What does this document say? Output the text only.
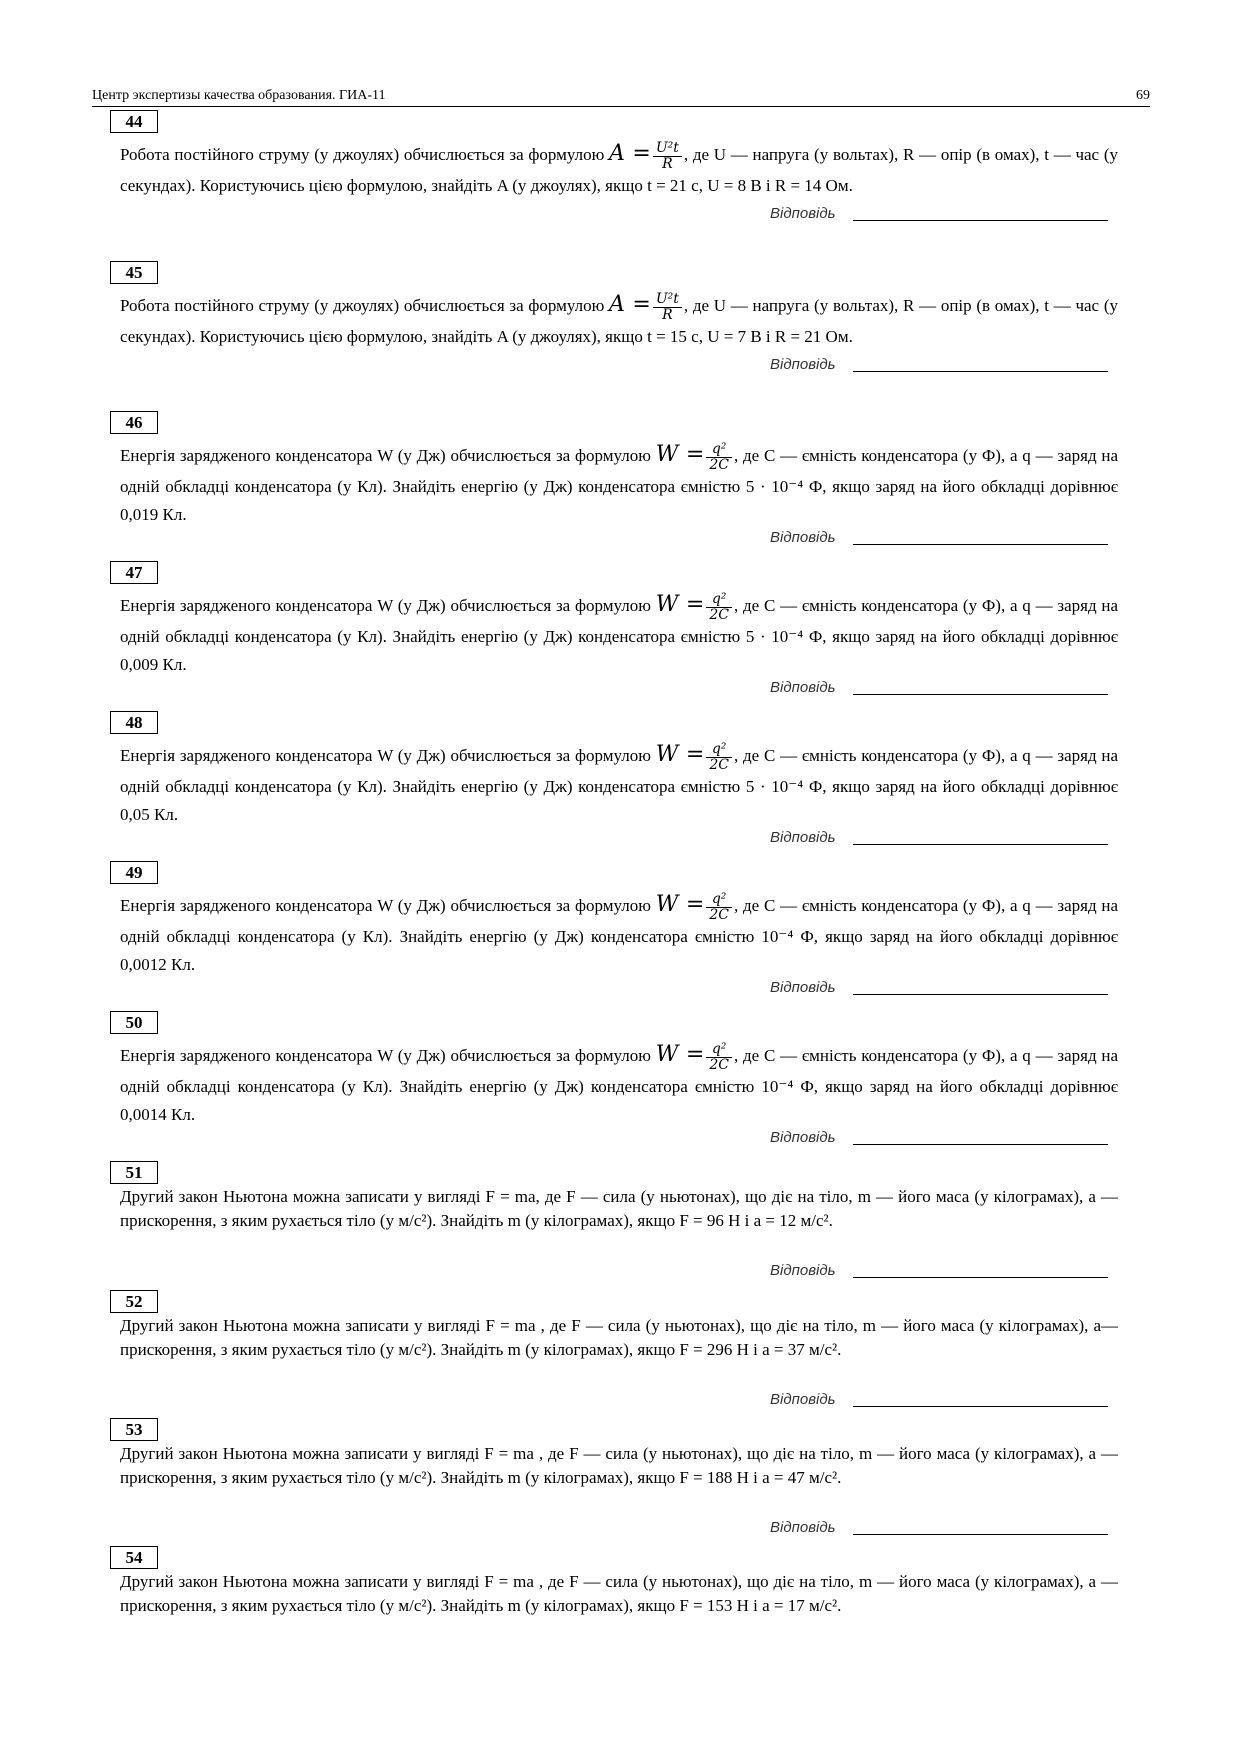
Центр экспертизы качества образования. ГИА-11	69
44
Робота постійного струму (у джоулях) обчислюється за формулою $A = \frac{\text{U²t}}{R}$ , де U — напруга (у вольтах), R — опір (в омах), t — час (у секундах). Користуючись цією формулою, знайдіть A (у джоулях), якщо t = 21 с, U = 8 В і R = 14 Ом.
Відповідь
45
Робота постійного струму (у джоулях) обчислюється за формулою $A = \frac{\text{U²t}}{R}$ , де U — напруга (у вольтах), R — опір (в омах), t — час (у секундах). Користуючись цією формулою, знайдіть A (у джоулях), якщо t = 15 с, U = 7 В і R = 21 Ом.
Відповідь
46
Енергія зарядженого конденсатора W (у Дж) обчислюється за формулою $W = \frac{\text{q²}}{2C}$ , де C — ємність конденсатора (у Ф), а q — заряд на одній обкладці конденсатора (у Кл). Знайдіть енергію (у Дж) конденсатора ємністю 5 · 10⁻⁴ Ф, якщо заряд на його обкладці дорівнює 0,019 Кл.
Відповідь
47
Енергія зарядженого конденсатора W (у Дж) обчислюється за формулою $W = \frac{\text{q²}}{2C}$ , де C — ємність конденсатора (у Ф), а q — заряд на одній обкладці конденсатора (у Кл). Знайдіть енергію (у Дж) конденсатора ємністю 5 · 10⁻⁴ Ф, якщо заряд на його обкладці дорівнює 0,009 Кл.
Відповідь
48
Енергія зарядженого конденсатора W (у Дж) обчислюється за формулою $W = \frac{\text{q²}}{2C}$ , де C — ємність конденсатора (у Ф), а q — заряд на одній обкладці конденсатора (у Кл). Знайдіть енергію (у Дж) конденсатора ємністю 5 · 10⁻⁴ Ф, якщо заряд на його обкладці дорівнює 0,05 Кл.
Відповідь
49
Енергія зарядженого конденсатора W (у Дж) обчислюється за формулою $W = \frac{\text{q²}}{2C}$ , де C — ємність конденсатора (у Ф), а q — заряд на одній обкладці конденсатора (у Кл). Знайдіть енергію (у Дж) конденсатора ємністю 10⁻⁴ Ф, якщо заряд на його обкладці дорівнює 0,0012 Кл.
Відповідь
50
Енергія зарядженого конденсатора W (у Дж) обчислюється за формулою $W = \frac{\text{q²}}{2C}$ , де C — ємність конденсатора (у Ф), а q — заряд на одній обкладці конденсатора (у Кл). Знайдіть енергію (у Дж) конденсатора ємністю 10⁻⁴ Ф, якщо заряд на його обкладці дорівнює 0,0014 Кл.
Відповідь
51
Другий закон Ньютона можна записати у вигляді F = ma, де F — сила (у ньютонах), що діє на тіло, m — його маса (у кілограмах), a — прискорення, з яким рухається тіло (у м/с²). Знайдіть m (у кілограмах), якщо F = 96 Н і a = 12 м/с².
Відповідь
52
Другий закон Ньютона можна записати у вигляді F = ma , де F — сила (у ньютонах), що діє на тіло, m — його маса (у кілограмах), a— прискорення, з яким рухається тіло (у м/с²). Знайдіть m (у кілограмах), якщо F = 296 Н і a = 37 м/с².
Відповідь
53
Другий закон Ньютона можна записати у вигляді F = ma , де F — сила (у ньютонах), що діє на тіло, m — його маса (у кілограмах), a — прискорення, з яким рухається тіло (у м/с²). Знайдіть m (у кілограмах), якщо F = 188 Н і a = 47 м/с².
Відповідь
54
Другий закон Ньютона можна записати у вигляді F = ma , де F — сила (у ньютонах), що діє на тіло, m — його маса (у кілограмах), a — прискорення, з яким рухається тіло (у м/с²). Знайдіть m (у кілограмах), якщо F = 153 Н і a = 17 м/с².
